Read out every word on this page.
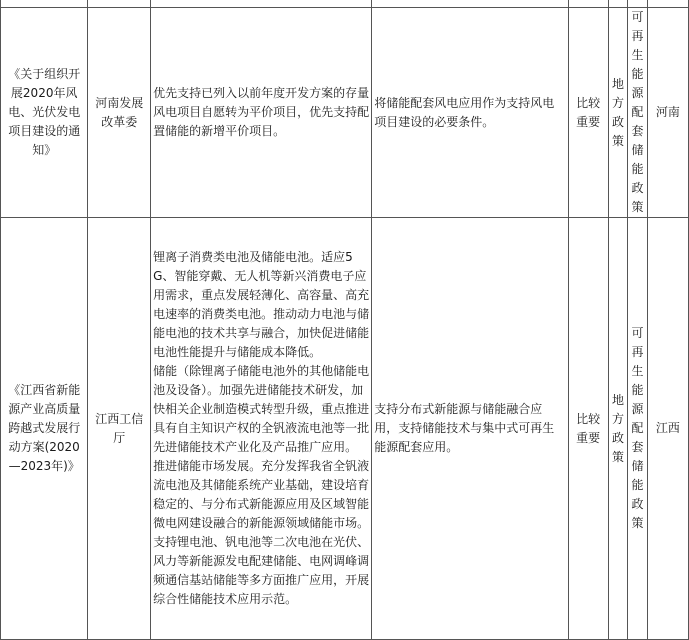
《关于组织开展2020年风电、光伏发电项目建设的通知》	河南发展改革委	优先支持已列入以前年度开发方案的存量风电项目自愿转为平价项目，优先支持配置储能的新增平价项目。	将储能配套风电应用作为支持风电项目建设的必要条件。	比较重要	地方政策	可再生能源配套储能政策	河南
《江西省新能源产业高质量跨越式发展行动方案(2020—2023年)》	江西工信厅	锂离子消费类电池及储能电池。适应5G、智能穿戴、无人机等新兴消费电子应用需求，重点发展轻薄化、高容量、高充电速率的消费类电池。推动动力电池与储能电池的技术共享与融合，加快促进储能电池性能提升与储能成本降低。
储能（除锂离子储能电池外的其他储能电池及设备）。加强先进储能技术研发，加快相关企业制造模式转型升级，重点推进具有自主知识产权的全钒液流电池等一批先进储能技术产业化及产品推广应用。
推进储能市场发展。充分发挥我省全钒液流电池及其储能系统产业基础，建设培育稳定的、与分布式新能源应用及区域智能微电网建设融合的新能源领域储能市场。支持锂电池、钒电池等二次电池在光伏、风力等新能源发电配建储能、电网调峰调频通信基站储能等多方面推广应用，开展综合性储能技术应用示范。	支持分布式新能源与储能融合应用，支持储能技术与集中式可再生能源配套应用。	比较重要	地方政策	可再生能源配套储能政策	江西
